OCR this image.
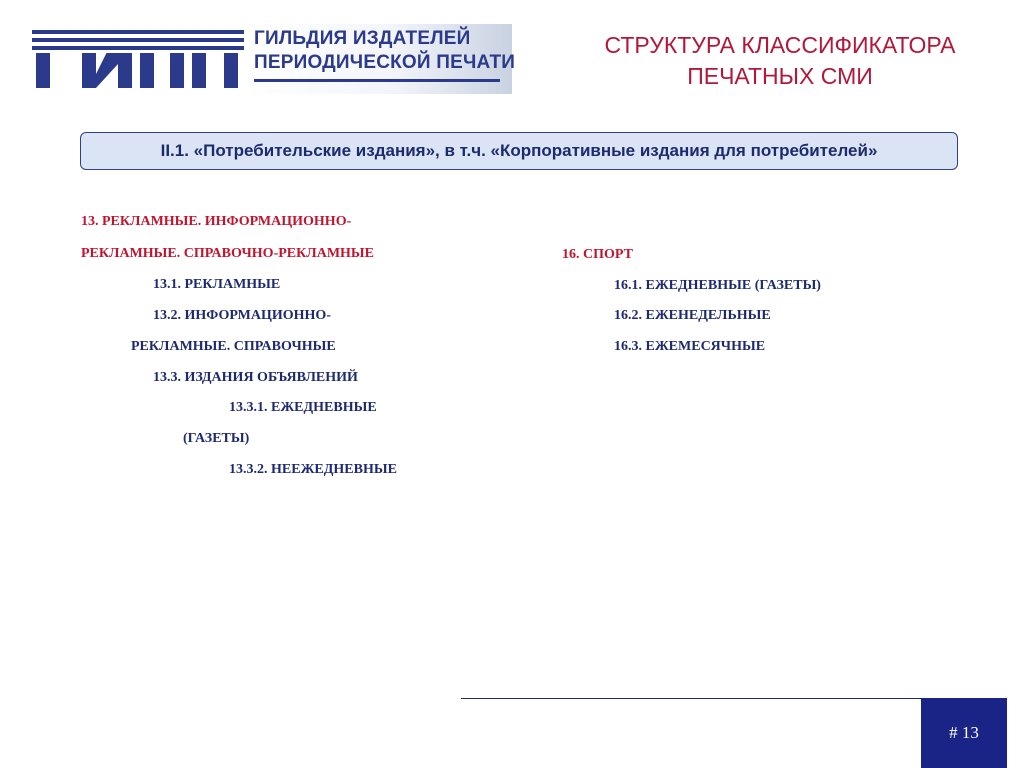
ГИЛЬДИЯ ИЗДАТЕЛЕЙ
ПЕРИОДИЧЕСКОЙ ПЕЧАТИ
СТРУКТУРА КЛАССИФИКАТОРА
ПЕЧАТНЫХ СМИ
II.1. «Потребительские издания», в т.ч. «Корпоративные издания для потребителей»
13. РЕКЛАМНЫЕ. ИНФОРМАЦИОННО-
РЕКЛАМНЫЕ. СПРАВОЧНО-РЕКЛАМНЫЕ
13.1. РЕКЛАМНЫЕ
13.2. ИНФОРМАЦИОННО-
РЕКЛАМНЫЕ. СПРАВОЧНЫЕ
13.3. ИЗДАНИЯ ОБЪЯВЛЕНИЙ
13.3.1. ЕЖЕДНЕВНЫЕ
(ГАЗЕТЫ)
13.3.2. НЕЕЖЕДНЕВНЫЕ
16. СПОРТ
16.1. ЕЖЕДНЕВНЫЕ (ГАЗЕТЫ)
16.2. ЕЖЕНЕДЕЛЬНЫЕ
16.3. ЕЖЕМЕСЯЧНЫЕ
# 13
